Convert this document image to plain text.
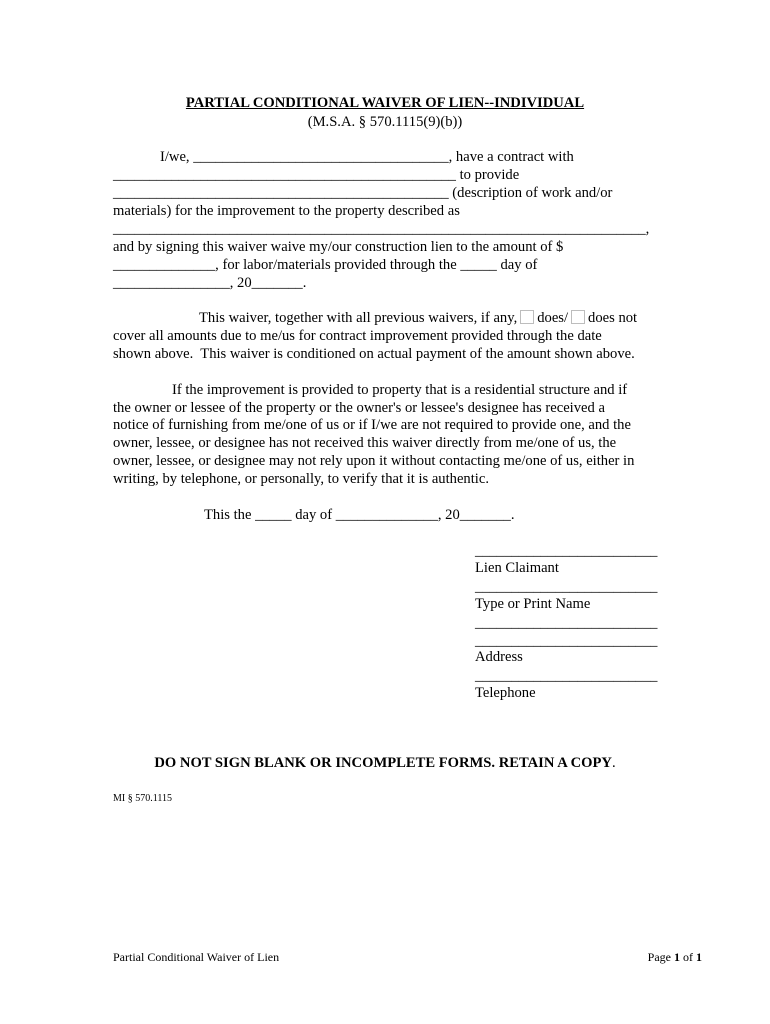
PARTIAL CONDITIONAL WAIVER OF LIEN--INDIVIDUAL
(M.S.A. § 570.1115(9)(b))
I/we, ___________________________________, have a contract with
_______________________________________________ to provide
______________________________________________ (description of work and/or
materials) for the improvement to the property described as
_________________________________________________________________________,
and by signing this waiver waive my/our construction lien to the amount of $
______________, for labor/materials provided through the _____ day of
________________, 20_______.
This waiver, together with all previous waivers, if any, does/ does not
cover all amounts due to me/us for contract improvement provided through the date
shown above.  This waiver is conditioned on actual payment of the amount shown above.
If the improvement is provided to property that is a residential structure and if
the owner or lessee of the property or the owner's or lessee's designee has received a
notice of furnishing from me/one of us or if I/we are not required to provide one, and the
owner, lessee, or designee has not received this waiver directly from me/one of us, the
owner, lessee, or designee may not rely upon it without contacting me/one of us, either in
writing, by telephone, or personally, to verify that it is authentic.
This the _____ day of ______________, 20_______.
_________________________
Lien Claimant
_________________________
Type or Print Name
_________________________
_________________________
Address
_________________________
Telephone
DO NOT SIGN BLANK OR INCOMPLETE FORMS. RETAIN A COPY.
MI § 570.1115
Partial Conditional Waiver of Lien	Page 1 of 1
